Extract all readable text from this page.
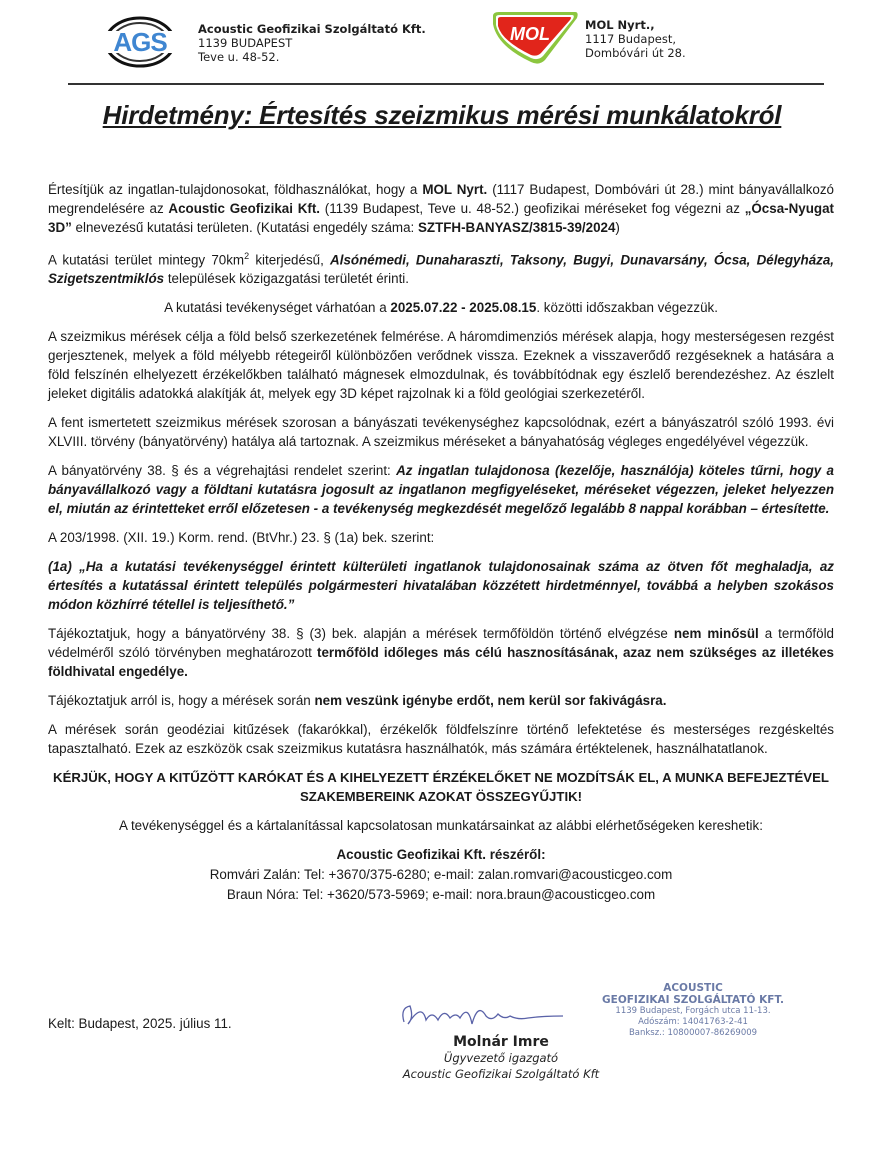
AGS	Acoustic Geofizikai Szolgáltató Kft.
1139 BUDAPEST
Teve u. 48-52.
MOL	MOL Nyrt.,
1117 Budapest,
Dombóvári út 28.
Hirdetmény: Értesítés szeizmikus mérési munkálatokról

Értesítjük az ingatlan-tulajdonosokat, földhasználókat, hogy a MOL Nyrt. (1117 Budapest, Dombóvári út 28.) mint bányavállalkozó megrendelésére az Acoustic Geofizikai Kft. (1139 Budapest, Teve u. 48-52.) geofizikai méréseket fog végezni az „Ócsa-Nyugat 3D” elnevezésű kutatási területen. (Kutatási engedély száma: SZTFH-BANYASZ/3815-39/2024)

A kutatási terület mintegy $70km^2$ kiterjedésű, Alsónémedi, Dunaharaszti, Taksony, Bugyi, Dunavarsány, Ócsa, Délegyháza, Szigetszentmiklós települések közigazgatási területét érinti.

A kutatási tevékenységet várhatóan a 2025.07.22 - 2025.08.15. közötti időszakban végezzük.

A szeizmikus mérések célja a föld belső szerkezetének felmérése. A háromdimenziós mérések alapja, hogy mesterségesen rezgést gerjesztenek, melyek a föld mélyebb rétegeiről különbözően verődnek vissza. Ezeknek a visszaverődő rezgéseknek a hatására a föld felszínén elhelyezett érzékelőkben található mágnesek elmozdulnak, és továbbítódnak egy észlelő berendezéshez. Az észlelt jeleket digitális adatokká alakítják át, melyek egy 3D képet rajzolnak ki a föld geológiai szerkezetéről.

A fent ismertetett szeizmikus mérések szorosan a bányászati tevékenységhez kapcsolódnak, ezért a bányászatról szóló 1993. évi XLVIII. törvény (bányatörvény) hatálya alá tartoznak. A szeizmikus méréseket a bányahatóság végleges engedélyével végezzük.

A bányatörvény 38. § és a végrehajtási rendelet szerint: Az ingatlan tulajdonosa (kezelője, használója) köteles tűrni, hogy a bányavállalkozó vagy a földtani kutatásra jogosult az ingatlanon megfigyeléseket, méréseket végezzen, jeleket helyezzen el, miután az érintetteket erről előzetesen - a tevékenység megkezdését megelőző legalább 8 nappal korábban – értesítette.

A 203/1998. (XII. 19.) Korm. rend. (BtVhr.) 23. § (1a) bek. szerint:

(1a) „Ha a kutatási tevékenységgel érintett külterületi ingatlanok tulajdonosainak száma az ötven főt meghaladja, az értesítés a kutatással érintett település polgármesteri hivatalában közzétett hirdetménnyel, továbbá a helyben szokásos módon közhírré tétellel is teljesíthető.”

Tájékoztatjuk, hogy a bányatörvény 38. § (3) bek. alapján a mérések termőföldön történő elvégzése nem minősül a termőföld védelméről szóló törvényben meghatározott termőföld időleges más célú hasznosításának, azaz nem szükséges az illetékes földhivatal engedélye.

Tájékoztatjuk arról is, hogy a mérések során nem veszünk igénybe erdőt, nem kerül sor fakivágásra.

A mérések során geodéziai kitűzések (fakarókkal), érzékelők földfelszínre történő lefektetése és mesterséges rezgéskeltés tapasztalható. Ezek az eszközök csak szeizmikus kutatásra használhatók, más számára értéktelenek, használhatatlanok.

KÉRJÜK, HOGY A KITŰZÖTT KARÓKAT ÉS A KIHELYEZETT ÉRZÉKELŐKET NE MOZDÍTSÁK EL, A MUNKA BEFEJEZTÉVEL SZAKEMBEREINK AZOKAT ÖSSZEGYŰJTIK!

A tevékenységgel és a kártalanítással kapcsolatosan munkatársainkat az alábbi elérhetőségeken kereshetik:

Acoustic Geofizikai Kft. részéről:
Romvári Zalán: Tel: +3670/375-6280; e-mail: zalan.romvari@acousticgeo.com
Braun Nóra: Tel: +3620/573-5969; e-mail: nora.braun@acousticgeo.com
Kelt: Budapest, 2025. július 11.
Molnár Imre
Ügyvezető igazgató
Acoustic Geofizikai Szolgáltató Kft
ACOUSTIC
GEOFIZIKAI SZOLGÁLTATÓ KFT.
1139 Budapest, Forgách utca 11-13.
Adószám: 14041763-2-41
Banksz.: 10800007-86269009
